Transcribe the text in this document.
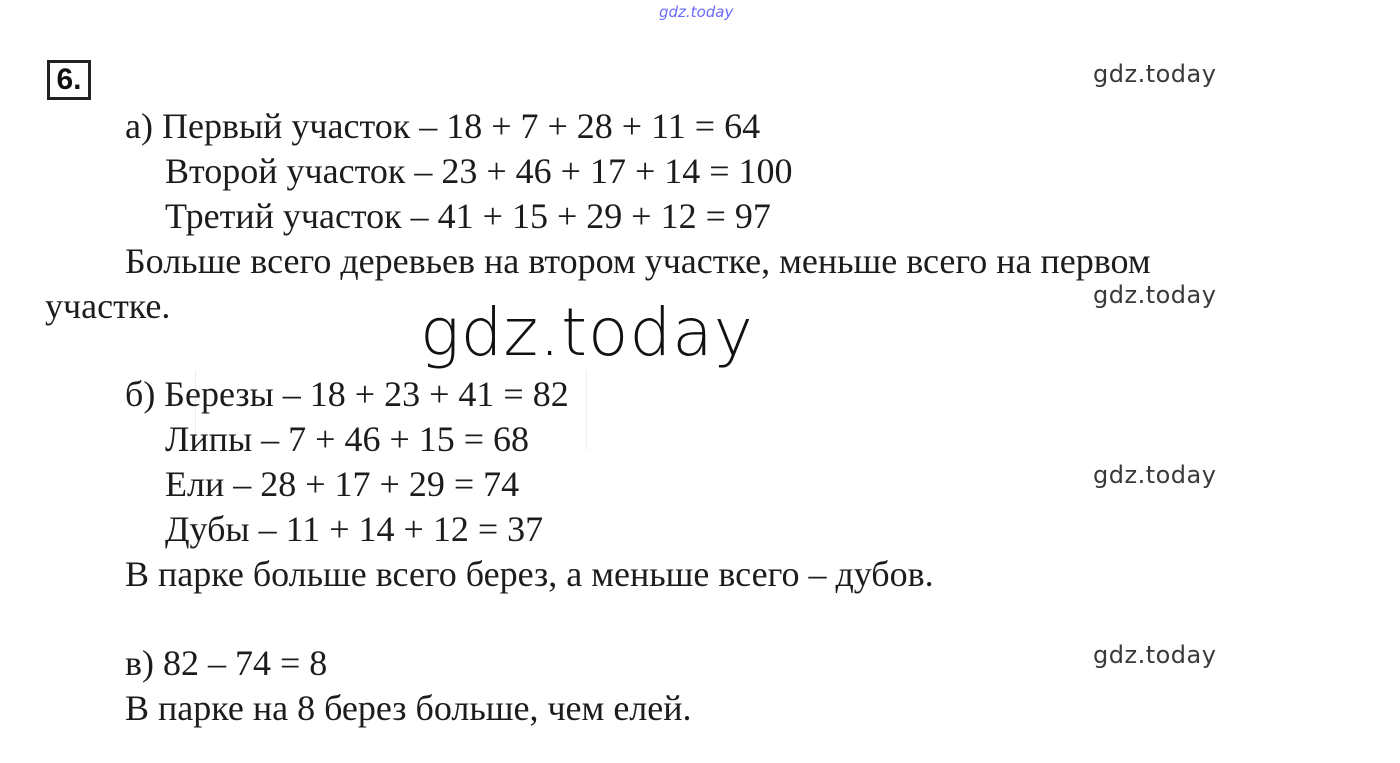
gdz.today
6.	gdz.today
gdz.today
gdz.today
gdz.today
а) Первый участок – 18 + 7 + 28 + 11 = 64
Второй участок – 23 + 46 + 17 + 14 = 100
Третий участок – 41 + 15 + 29 + 12 = 97
Больше всего деревьев на втором участке, меньше всего на первом
участке.
б) Березы – 18 + 23 + 41 = 82
Липы – 7 + 46 + 15 = 68
Ели – 28 + 17 + 29 = 74
Дубы – 11 + 14 + 12 = 37
В парке больше всего берез, а меньше всего – дубов.
в) 82 – 74 = 8
В парке на 8 берез больше, чем елей.
gdz.today
